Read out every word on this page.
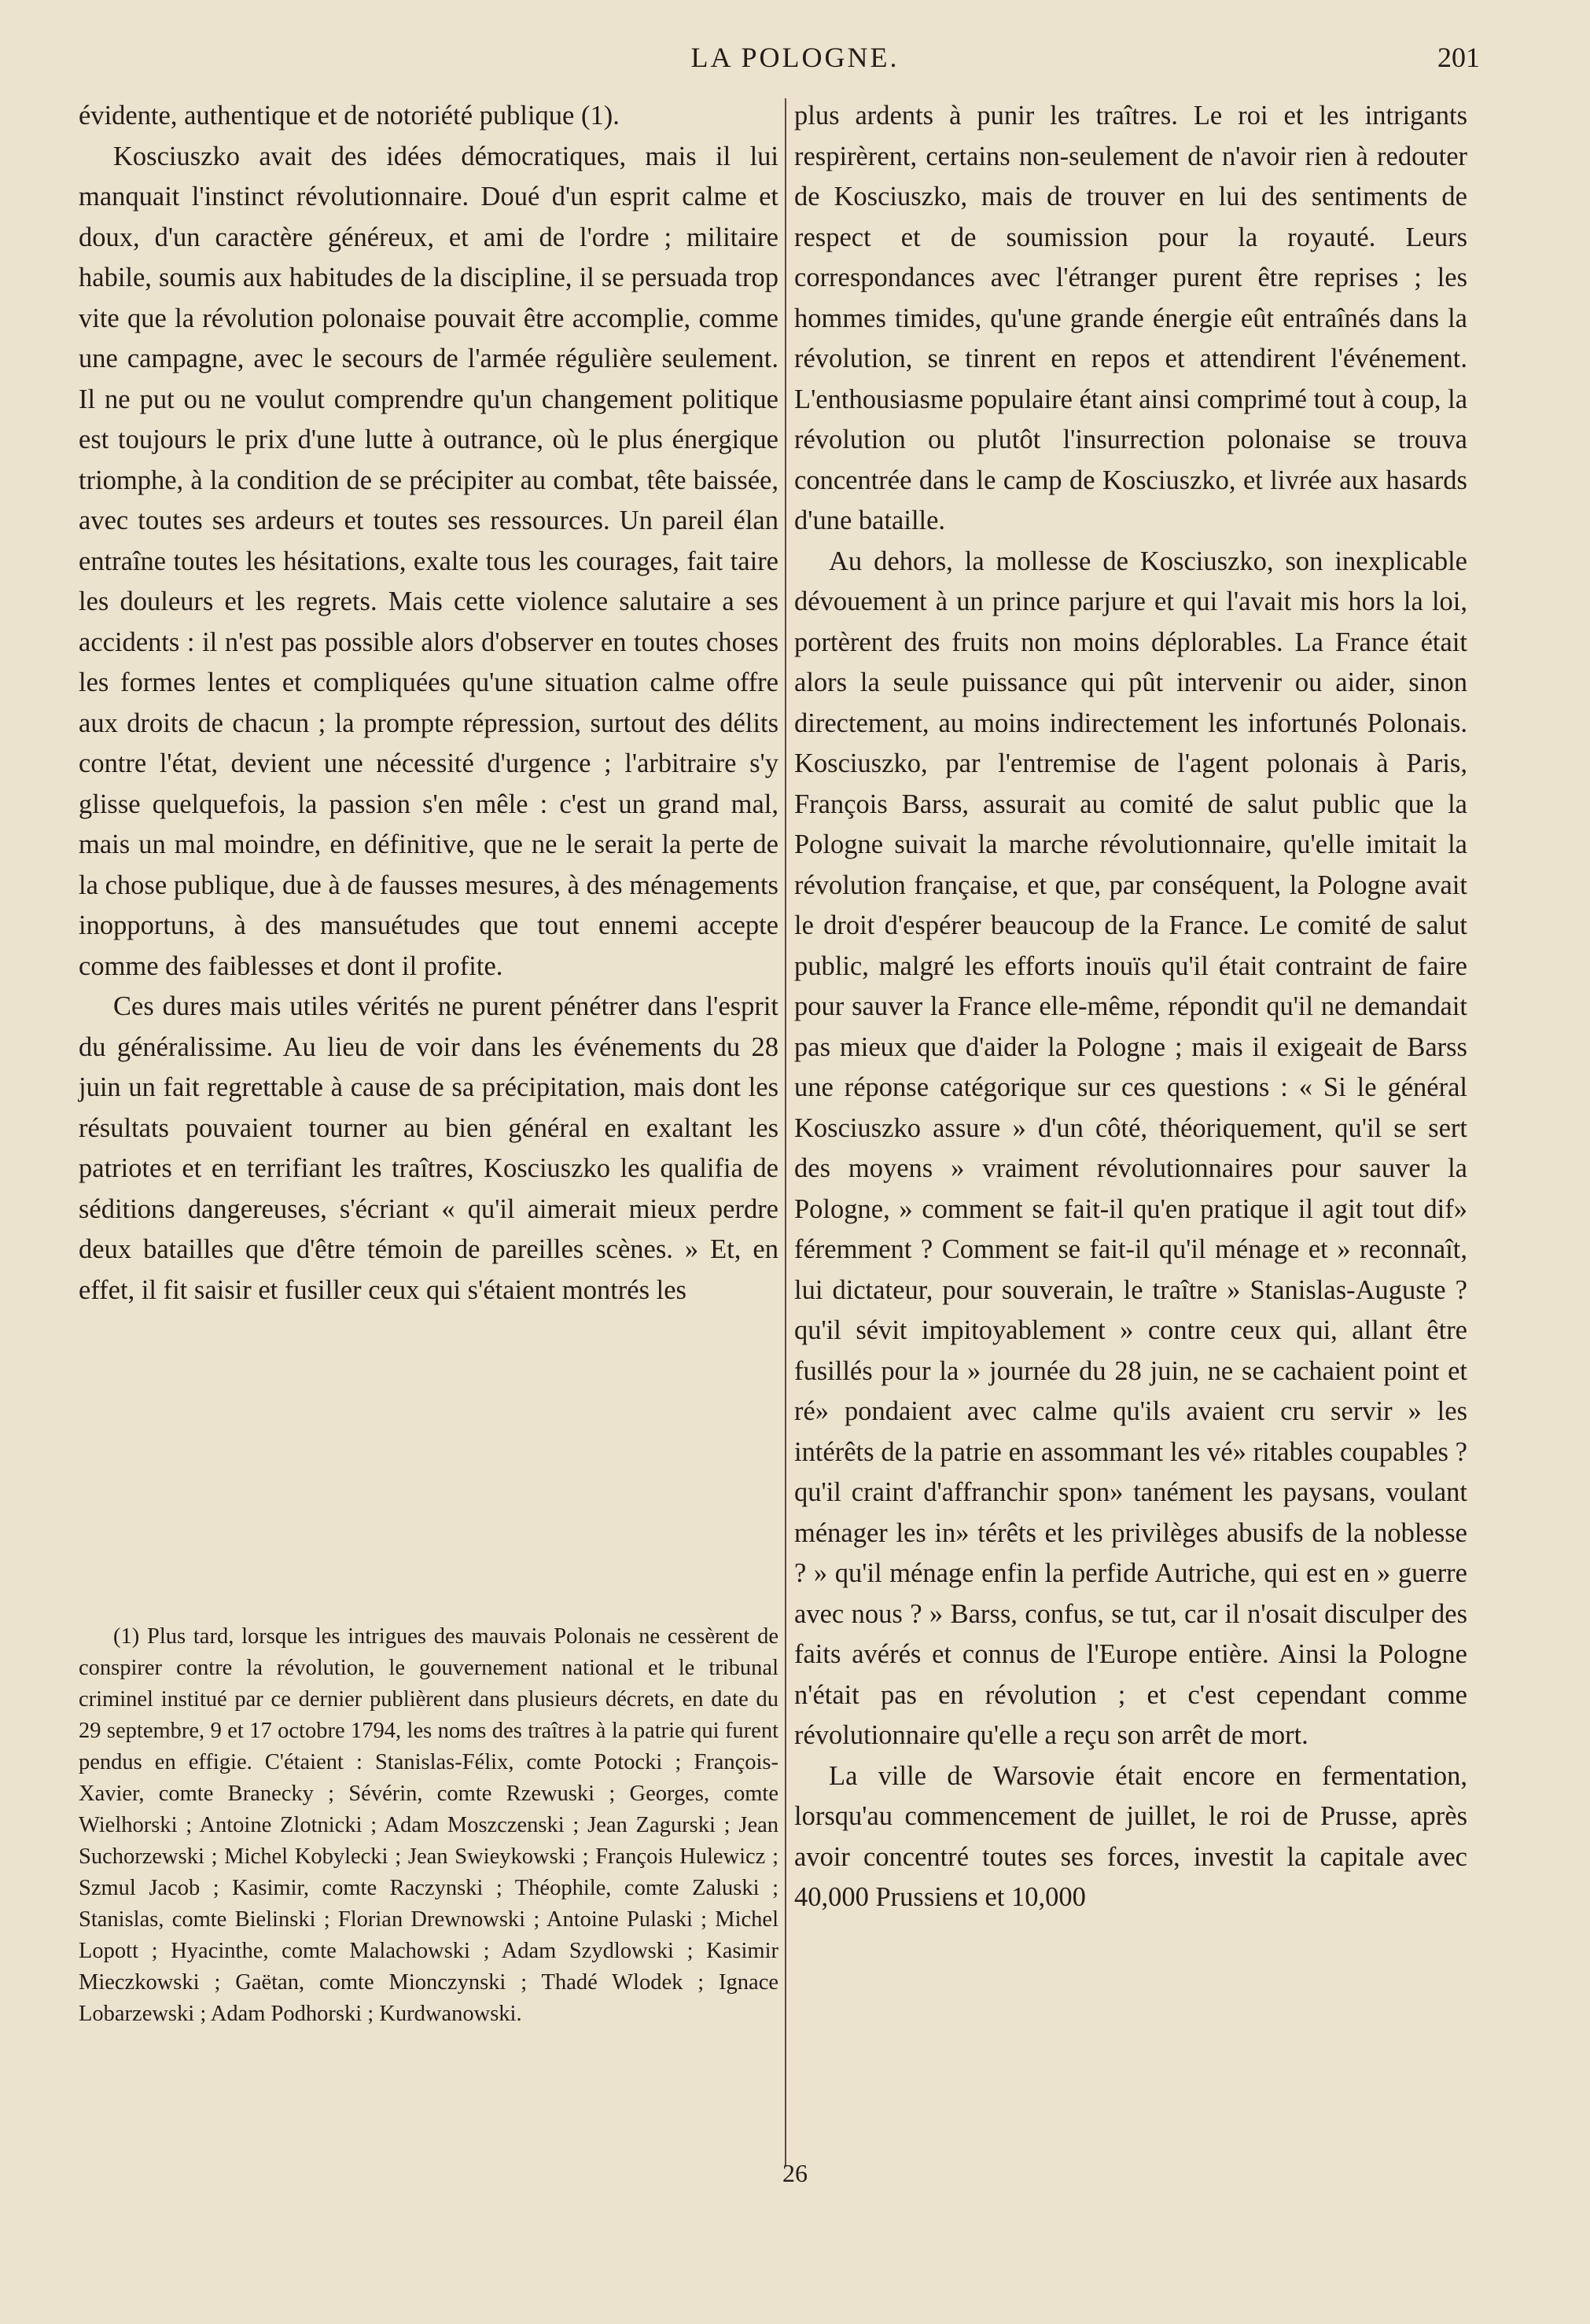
LA POLOGNE.	201

évidente, authentique et de notoriété publique (1).

Kosciuszko avait des idées démocratiques, mais il lui manquait l'instinct révolutionnaire. Doué d'un esprit calme et doux, d'un caractère généreux, et ami de l'ordre ; militaire habile, soumis aux habitudes de la discipline, il se persuada trop vite que la révolution polonaise pouvait être accomplie, comme une campagne, avec le secours de l'armée régulière seulement. Il ne put ou ne voulut comprendre qu'un changement politique est toujours le prix d'une lutte à outrance, où le plus énergique triomphe, à la condition de se précipiter au combat, tête baissée, avec toutes ses ardeurs et toutes ses ressources. Un pareil élan entraîne toutes les hésitations, exalte tous les courages, fait taire les douleurs et les regrets. Mais cette violence salutaire a ses accidents : il n'est pas possible alors d'observer en toutes choses les formes lentes et compliquées qu'une situation calme offre aux droits de chacun ; la prompte répression, surtout des délits contre l'état, devient une nécessité d'urgence ; l'arbitraire s'y glisse quelquefois, la passion s'en mêle : c'est un grand mal, mais un mal moindre, en définitive, que ne le serait la perte de la chose publique, due à de fausses mesures, à des ménagements inopportuns, à des mansuétudes que tout ennemi accepte comme des faiblesses et dont il profite.

Ces dures mais utiles vérités ne purent pénétrer dans l'esprit du généralissime. Au lieu de voir dans les événements du 28 juin un fait regrettable à cause de sa précipitation, mais dont les résultats pouvaient tourner au bien général en exaltant les patriotes et en terrifiant les traîtres, Kosciuszko les qualifia de séditions dangereuses, s'écriant « qu'il aimerait mieux perdre deux batailles que d'être témoin de pareilles scènes. » Et, en effet, il fit saisir et fusiller ceux qui s'étaient montrés les

(1) Plus tard, lorsque les intrigues des mauvais Polonais ne cessèrent de conspirer contre la révolution, le gouvernement national et le tribunal criminel institué par ce dernier publièrent dans plusieurs décrets, en date du 29 septembre, 9 et 17 octobre 1794, les noms des traîtres à la patrie qui furent pendus en effigie. C'étaient : Stanislas-Félix, comte Potocki ; François-Xavier, comte Branecky ; Sévérin, comte Rzewuski ; Georges, comte Wielhorski ; Antoine Zlotnicki ; Adam Moszczenski ; Jean Zagurski ; Jean Suchorzewski ; Michel Kobylecki ; Jean Swieykowski ; François Hulewicz ; Szmul Jacob ; Kasimir, comte Raczynski ; Théophile, comte Zaluski ; Stanislas, comte Bielinski ; Florian Drewnowski ; Antoine Pulaski ; Michel Lopott ; Hyacinthe, comte Malachowski ; Adam Szydlowski ; Kasimir Mieczkowski ; Gaëtan, comte Mionczynski ; Thadé Wlodek ; Ignace Lobarzewski ; Adam Podhorski ; Kurdwanowski.

plus ardents à punir les traîtres. Le roi et les intrigants respirèrent, certains non-seulement de n'avoir rien à redouter de Kosciuszko, mais de trouver en lui des sentiments de respect et de soumission pour la royauté. Leurs correspondances avec l'étranger purent être reprises ; les hommes timides, qu'une grande énergie eût entraînés dans la révolution, se tinrent en repos et attendirent l'événement. L'enthousiasme populaire étant ainsi comprimé tout à coup, la révolution ou plutôt l'insurrection polonaise se trouva concentrée dans le camp de Kosciuszko, et livrée aux hasards d'une bataille.

Au dehors, la mollesse de Kosciuszko, son inexplicable dévouement à un prince parjure et qui l'avait mis hors la loi, portèrent des fruits non moins déplorables. La France était alors la seule puissance qui pût intervenir ou aider, sinon directement, au moins indirectement les infortunés Polonais. Kosciuszko, par l'entremise de l'agent polonais à Paris, François Barss, assurait au comité de salut public que la Pologne suivait la marche révolutionnaire, qu'elle imitait la révolution française, et que, par conséquent, la Pologne avait le droit d'espérer beaucoup de la France. Le comité de salut public, malgré les efforts inouïs qu'il était contraint de faire pour sauver la France elle-même, répondit qu'il ne demandait pas mieux que d'aider la Pologne ; mais il exigeait de Barss une réponse catégorique sur ces questions : « Si le général Kosciuszko assure » d'un côté, théoriquement, qu'il se sert des moyens » vraiment révolutionnaires pour sauver la Pologne, » comment se fait-il qu'en pratique il agit tout dif» féremment ? Comment se fait-il qu'il ménage et » reconnaît, lui dictateur, pour souverain, le traître » Stanislas-Auguste ? qu'il sévit impitoyablement » contre ceux qui, allant être fusillés pour la » journée du 28 juin, ne se cachaient point et ré» pondaient avec calme qu'ils avaient cru servir » les intérêts de la patrie en assommant les vé» ritables coupables ? qu'il craint d'affranchir spon» tanément les paysans, voulant ménager les in» térêts et les privilèges abusifs de la noblesse ? » qu'il ménage enfin la perfide Autriche, qui est en » guerre avec nous ? » Barss, confus, se tut, car il n'osait disculper des faits avérés et connus de l'Europe entière. Ainsi la Pologne n'était pas en révolution ; et c'est cependant comme révolutionnaire qu'elle a reçu son arrêt de mort.

La ville de Warsovie était encore en fermentation, lorsqu'au commencement de juillet, le roi de Prusse, après avoir concentré toutes ses forces, investit la capitale avec 40,000 Prussiens et 10,000

26
